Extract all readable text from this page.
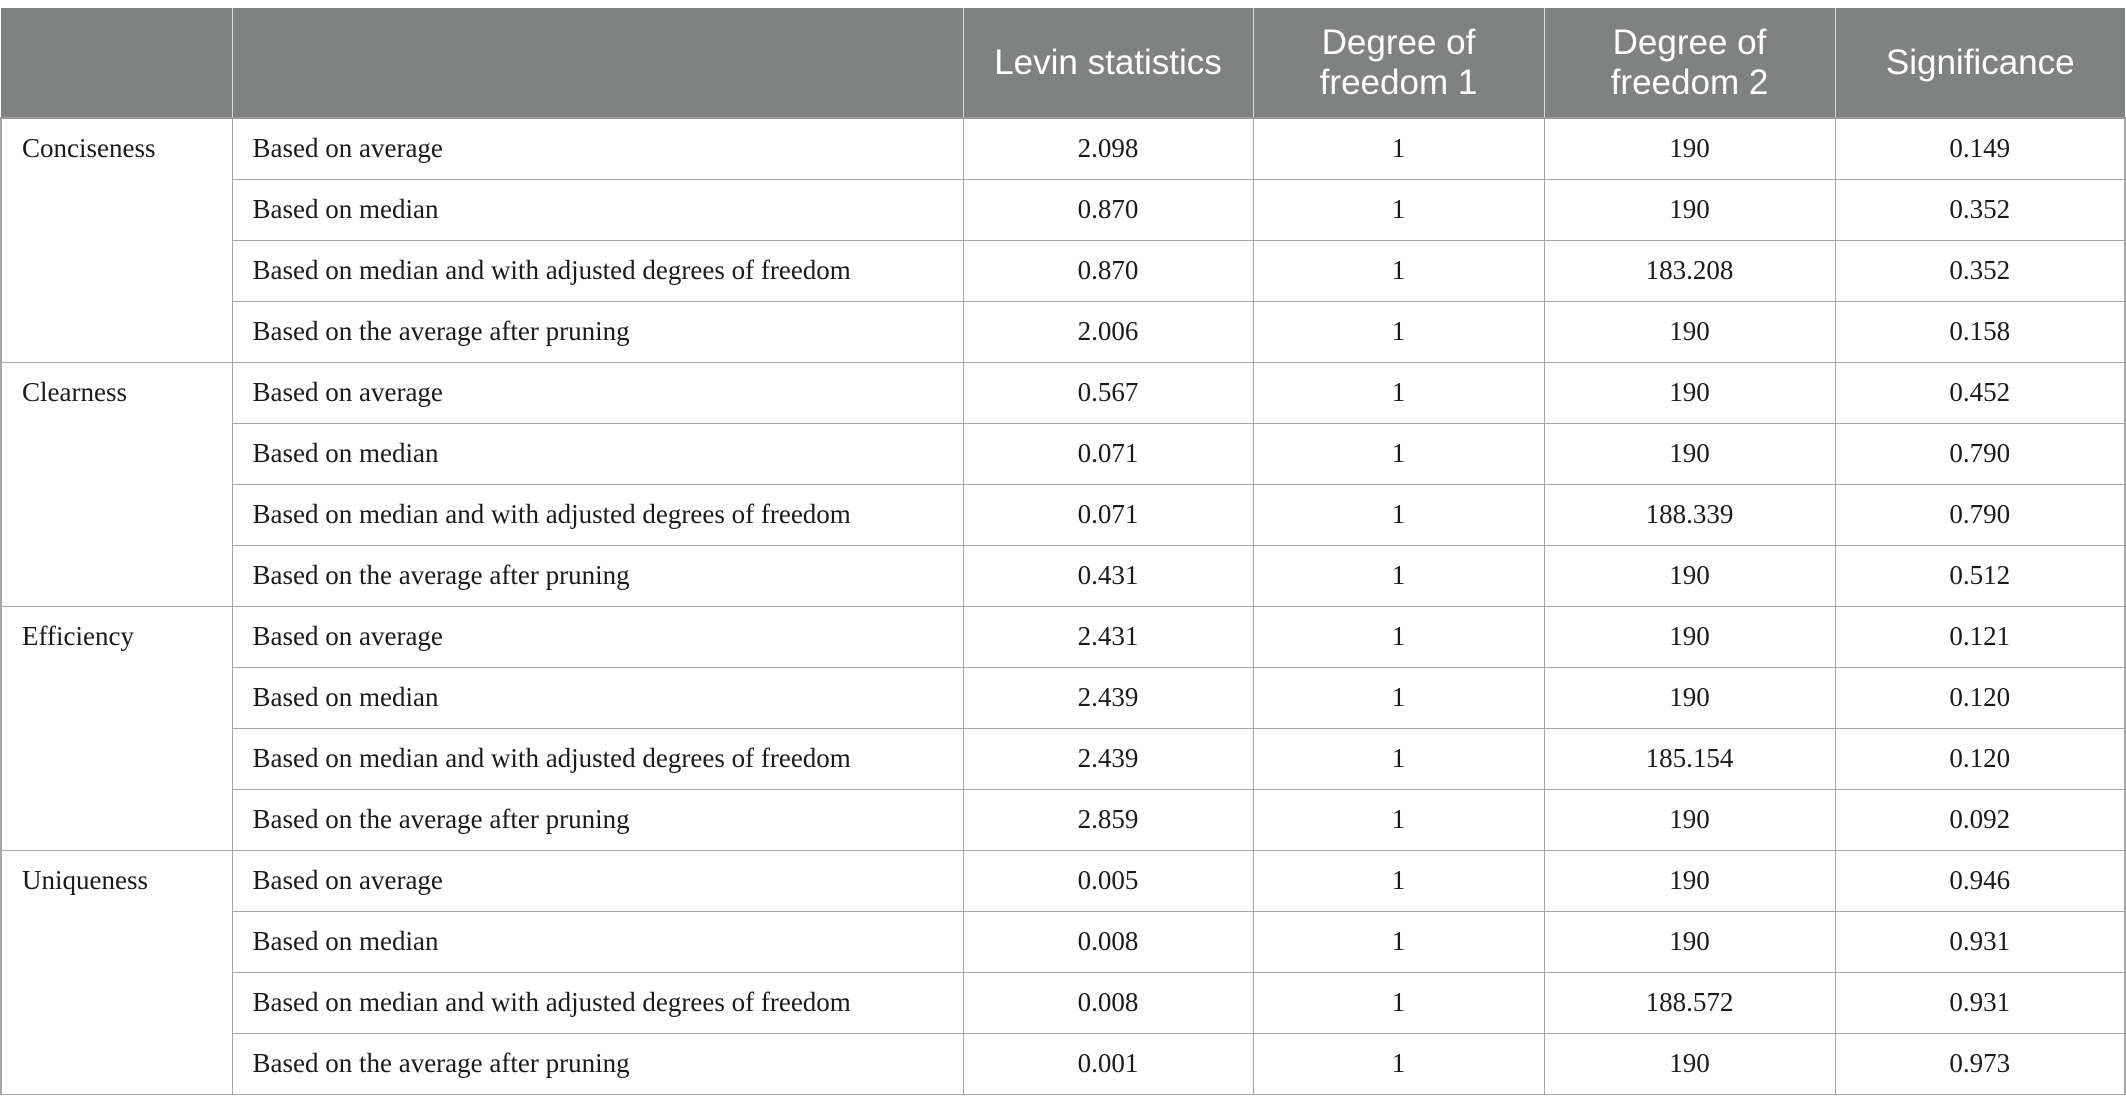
		Levin statistics	Degree of freedom 1	Degree of freedom 2	Significance
Conciseness	Based on average	2.098	1	190	0.149
	Based on median	0.870	1	190	0.352
	Based on median and with adjusted degrees of freedom	0.870	1	183.208	0.352
	Based on the average after pruning	2.006	1	190	0.158
Clearness	Based on average	0.567	1	190	0.452
	Based on median	0.071	1	190	0.790
	Based on median and with adjusted degrees of freedom	0.071	1	188.339	0.790
	Based on the average after pruning	0.431	1	190	0.512
Efficiency	Based on average	2.431	1	190	0.121
	Based on median	2.439	1	190	0.120
	Based on median and with adjusted degrees of freedom	2.439	1	185.154	0.120
	Based on the average after pruning	2.859	1	190	0.092
Uniqueness	Based on average	0.005	1	190	0.946
	Based on median	0.008	1	190	0.931
	Based on median and with adjusted degrees of freedom	0.008	1	188.572	0.931
	Based on the average after pruning	0.001	1	190	0.973
